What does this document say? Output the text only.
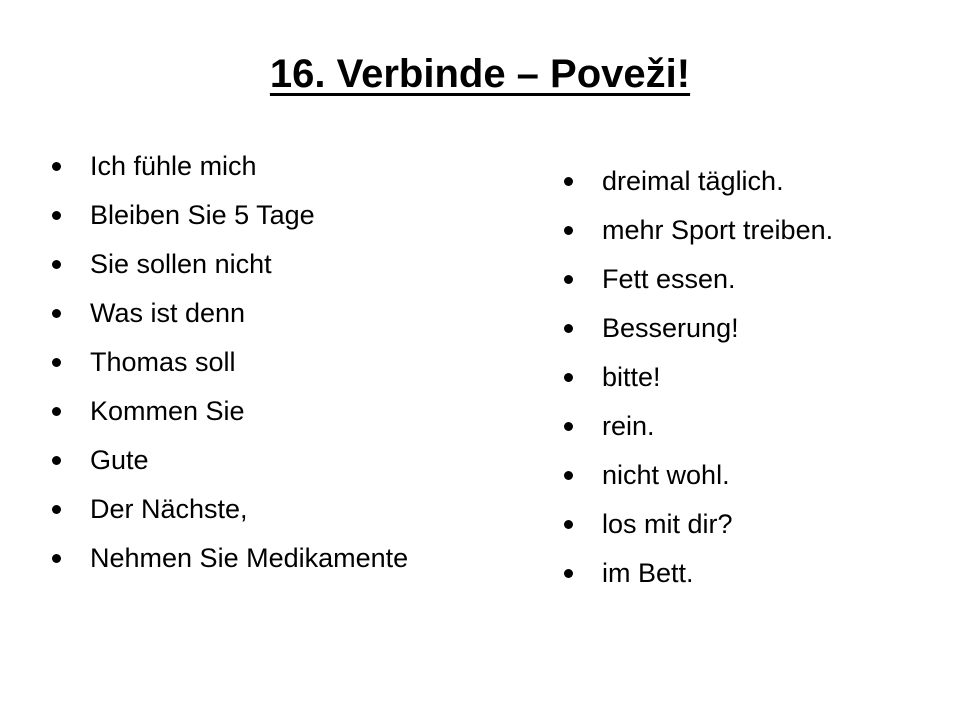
16. Verbinde – Poveži!
Ich fühle mich
Bleiben Sie 5 Tage
Sie sollen nicht
Was ist denn
Thomas soll
Kommen Sie
Gute
Der Nächste,
Nehmen Sie Medikamente
dreimal täglich.
mehr Sport treiben.
Fett essen.
Besserung!
bitte!
rein.
nicht wohl.
los mit dir?
im Bett.
